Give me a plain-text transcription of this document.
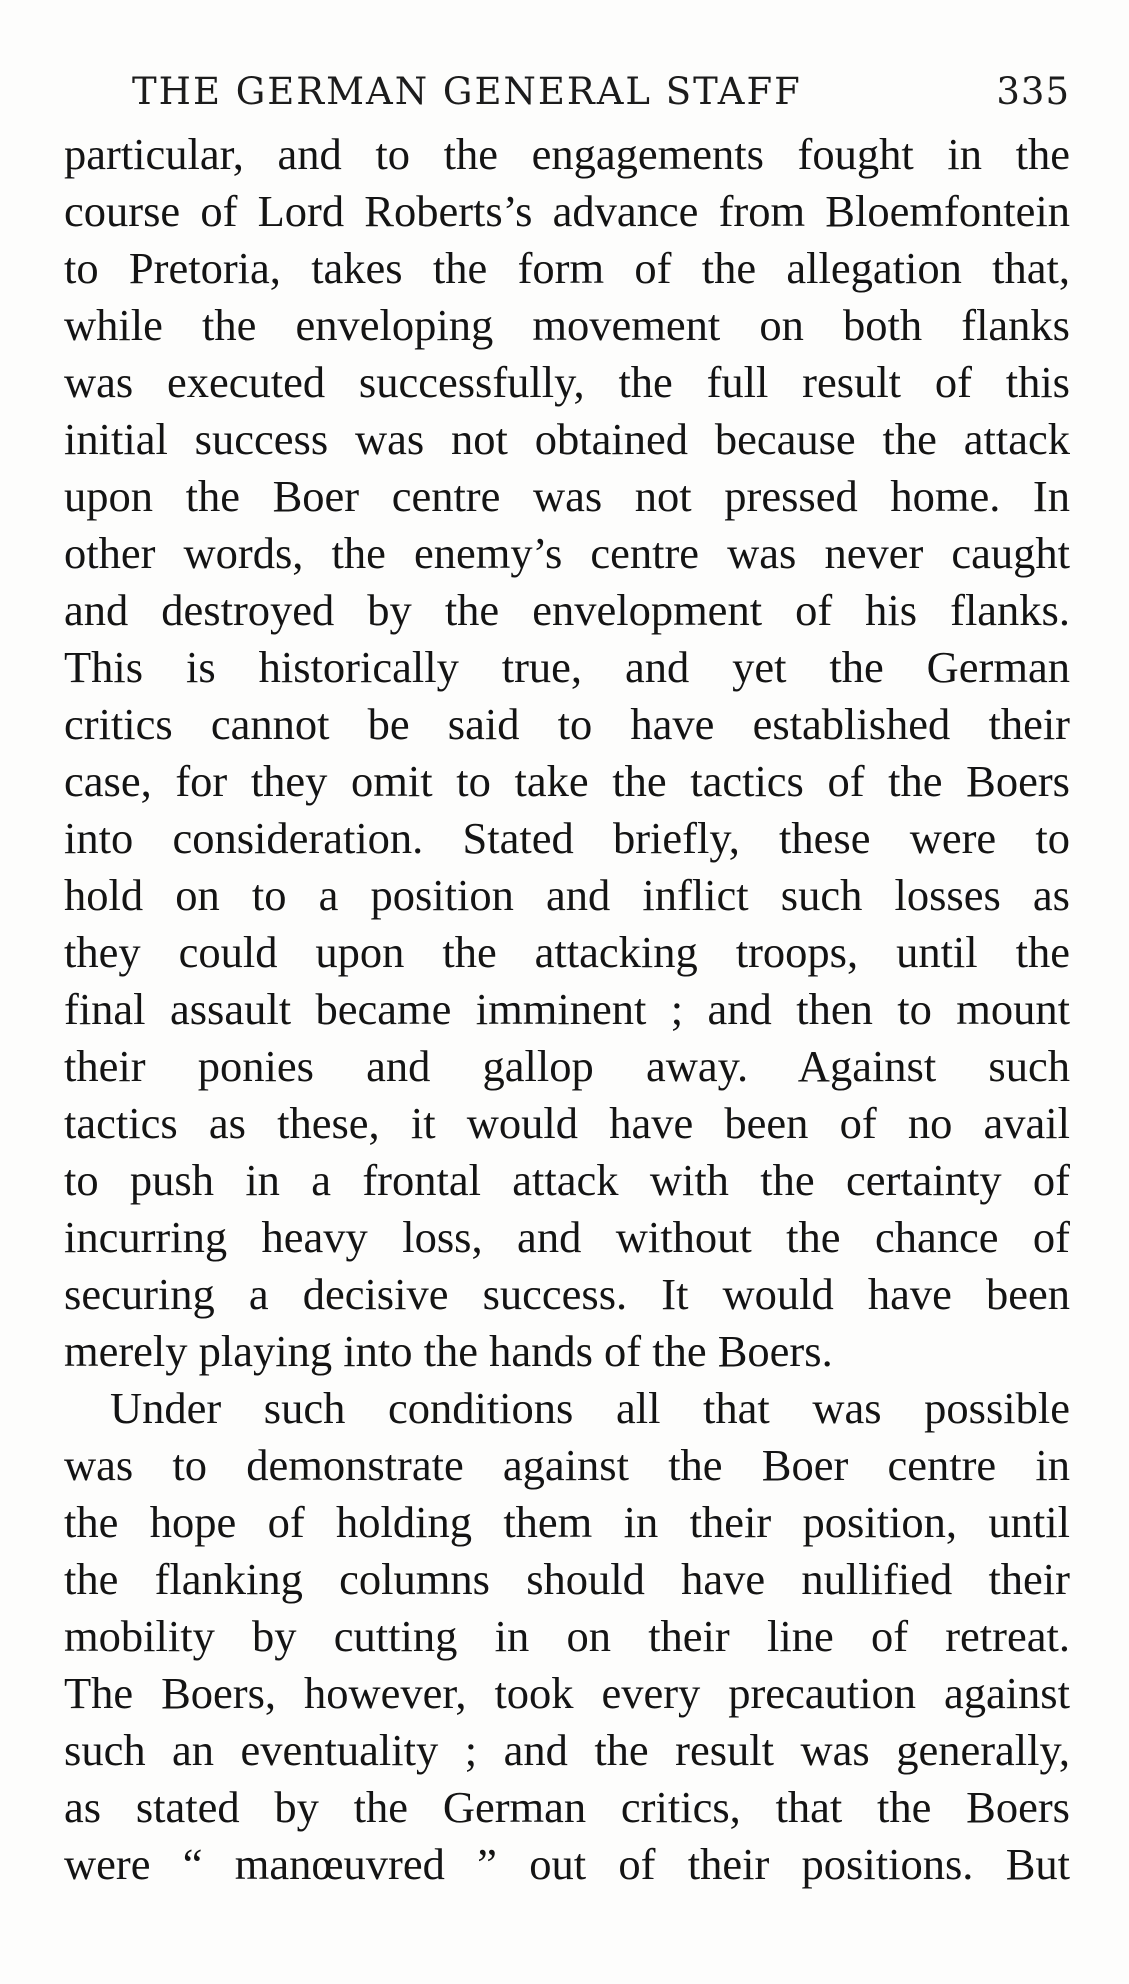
THE GERMAN GENERAL STAFF	335
particular, and to the engagements fought in the
course of Lord Roberts’s advance from Bloemfontein
to Pretoria, takes the form of the allegation that,
while the enveloping movement on both flanks
was executed successfully, the full result of this
initial success was not obtained because the attack
upon the Boer centre was not pressed home. In
other words, the enemy’s centre was never caught
and destroyed by the envelopment of his flanks.
This is historically true, and yet the German
critics cannot be said to have established their
case, for they omit to take the tactics of the Boers
into consideration. Stated briefly, these were to
hold on to a position and inflict such losses as
they could upon the attacking troops, until the
final assault became imminent ; and then to mount
their ponies and gallop away. Against such
tactics as these, it would have been of no avail
to push in a frontal attack with the certainty of
incurring heavy loss, and without the chance of
securing a decisive success. It would have been
merely playing into the hands of the Boers.
Under such conditions all that was possible
was to demonstrate against the Boer centre in
the hope of holding them in their position, until
the flanking columns should have nullified their
mobility by cutting in on their line of retreat.
The Boers, however, took every precaution against
such an eventuality ; and the result was generally,
as stated by the German critics, that the Boers
were “ manœuvred ” out of their positions. But
